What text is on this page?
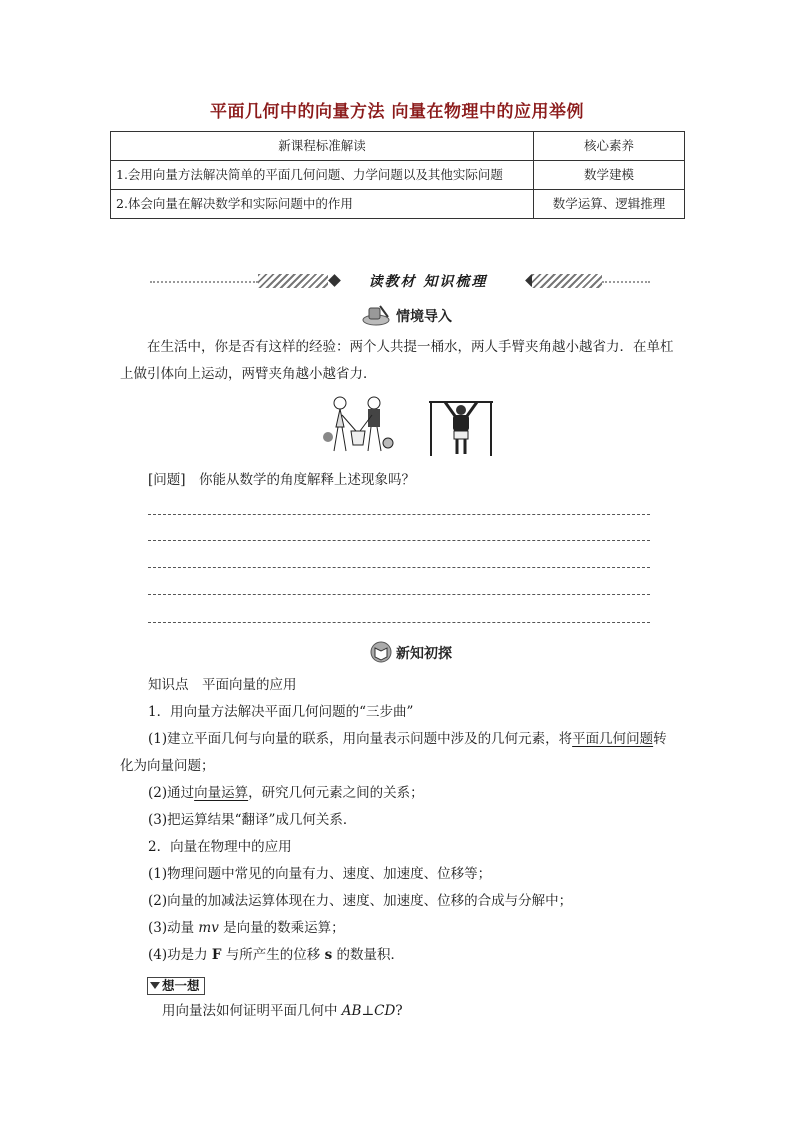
平面几何中的向量方法 向量在物理中的应用举例
新课程标准解读	核心素养
1.会用向量方法解决简单的平面几何问题、力学问题以及其他实际问题	数学建模
2.体会向量在解决数学和实际问题中的作用	数学运算、逻辑推理
读教材 知识梳理
情境导入
在生活中，你是否有这样的经验：两个人共提一桶水，两人手臂夹角越小越省力．在单杠上做引体向上运动，两臂夹角越小越省力．
[问题]　 你能从数学的角度解释上述现象吗？
新知初探
知识点　平面向量的应用
1．用向量方法解决平面几何问题的“三步曲”
(1)建立平面几何与向量的联系，用向量表示问题中涉及的几何元素，将平面几何问题转化为向量问题；
(2)通过向量运算，研究几何元素之间的关系；
(3)把运算结果“翻译”成几何关系．
2．向量在物理中的应用
(1)物理问题中常见的向量有力、速度、加速度、位移等；
(2)向量的加减法运算体现在力、速度、加速度、位移的合成与分解中；
(3)动量 mv 是向量的数乘运算；
(4)功是力 F 与所产生的位移 s 的数量积．
想一想
用向量法如何证明平面几何中 AB⊥CD?
